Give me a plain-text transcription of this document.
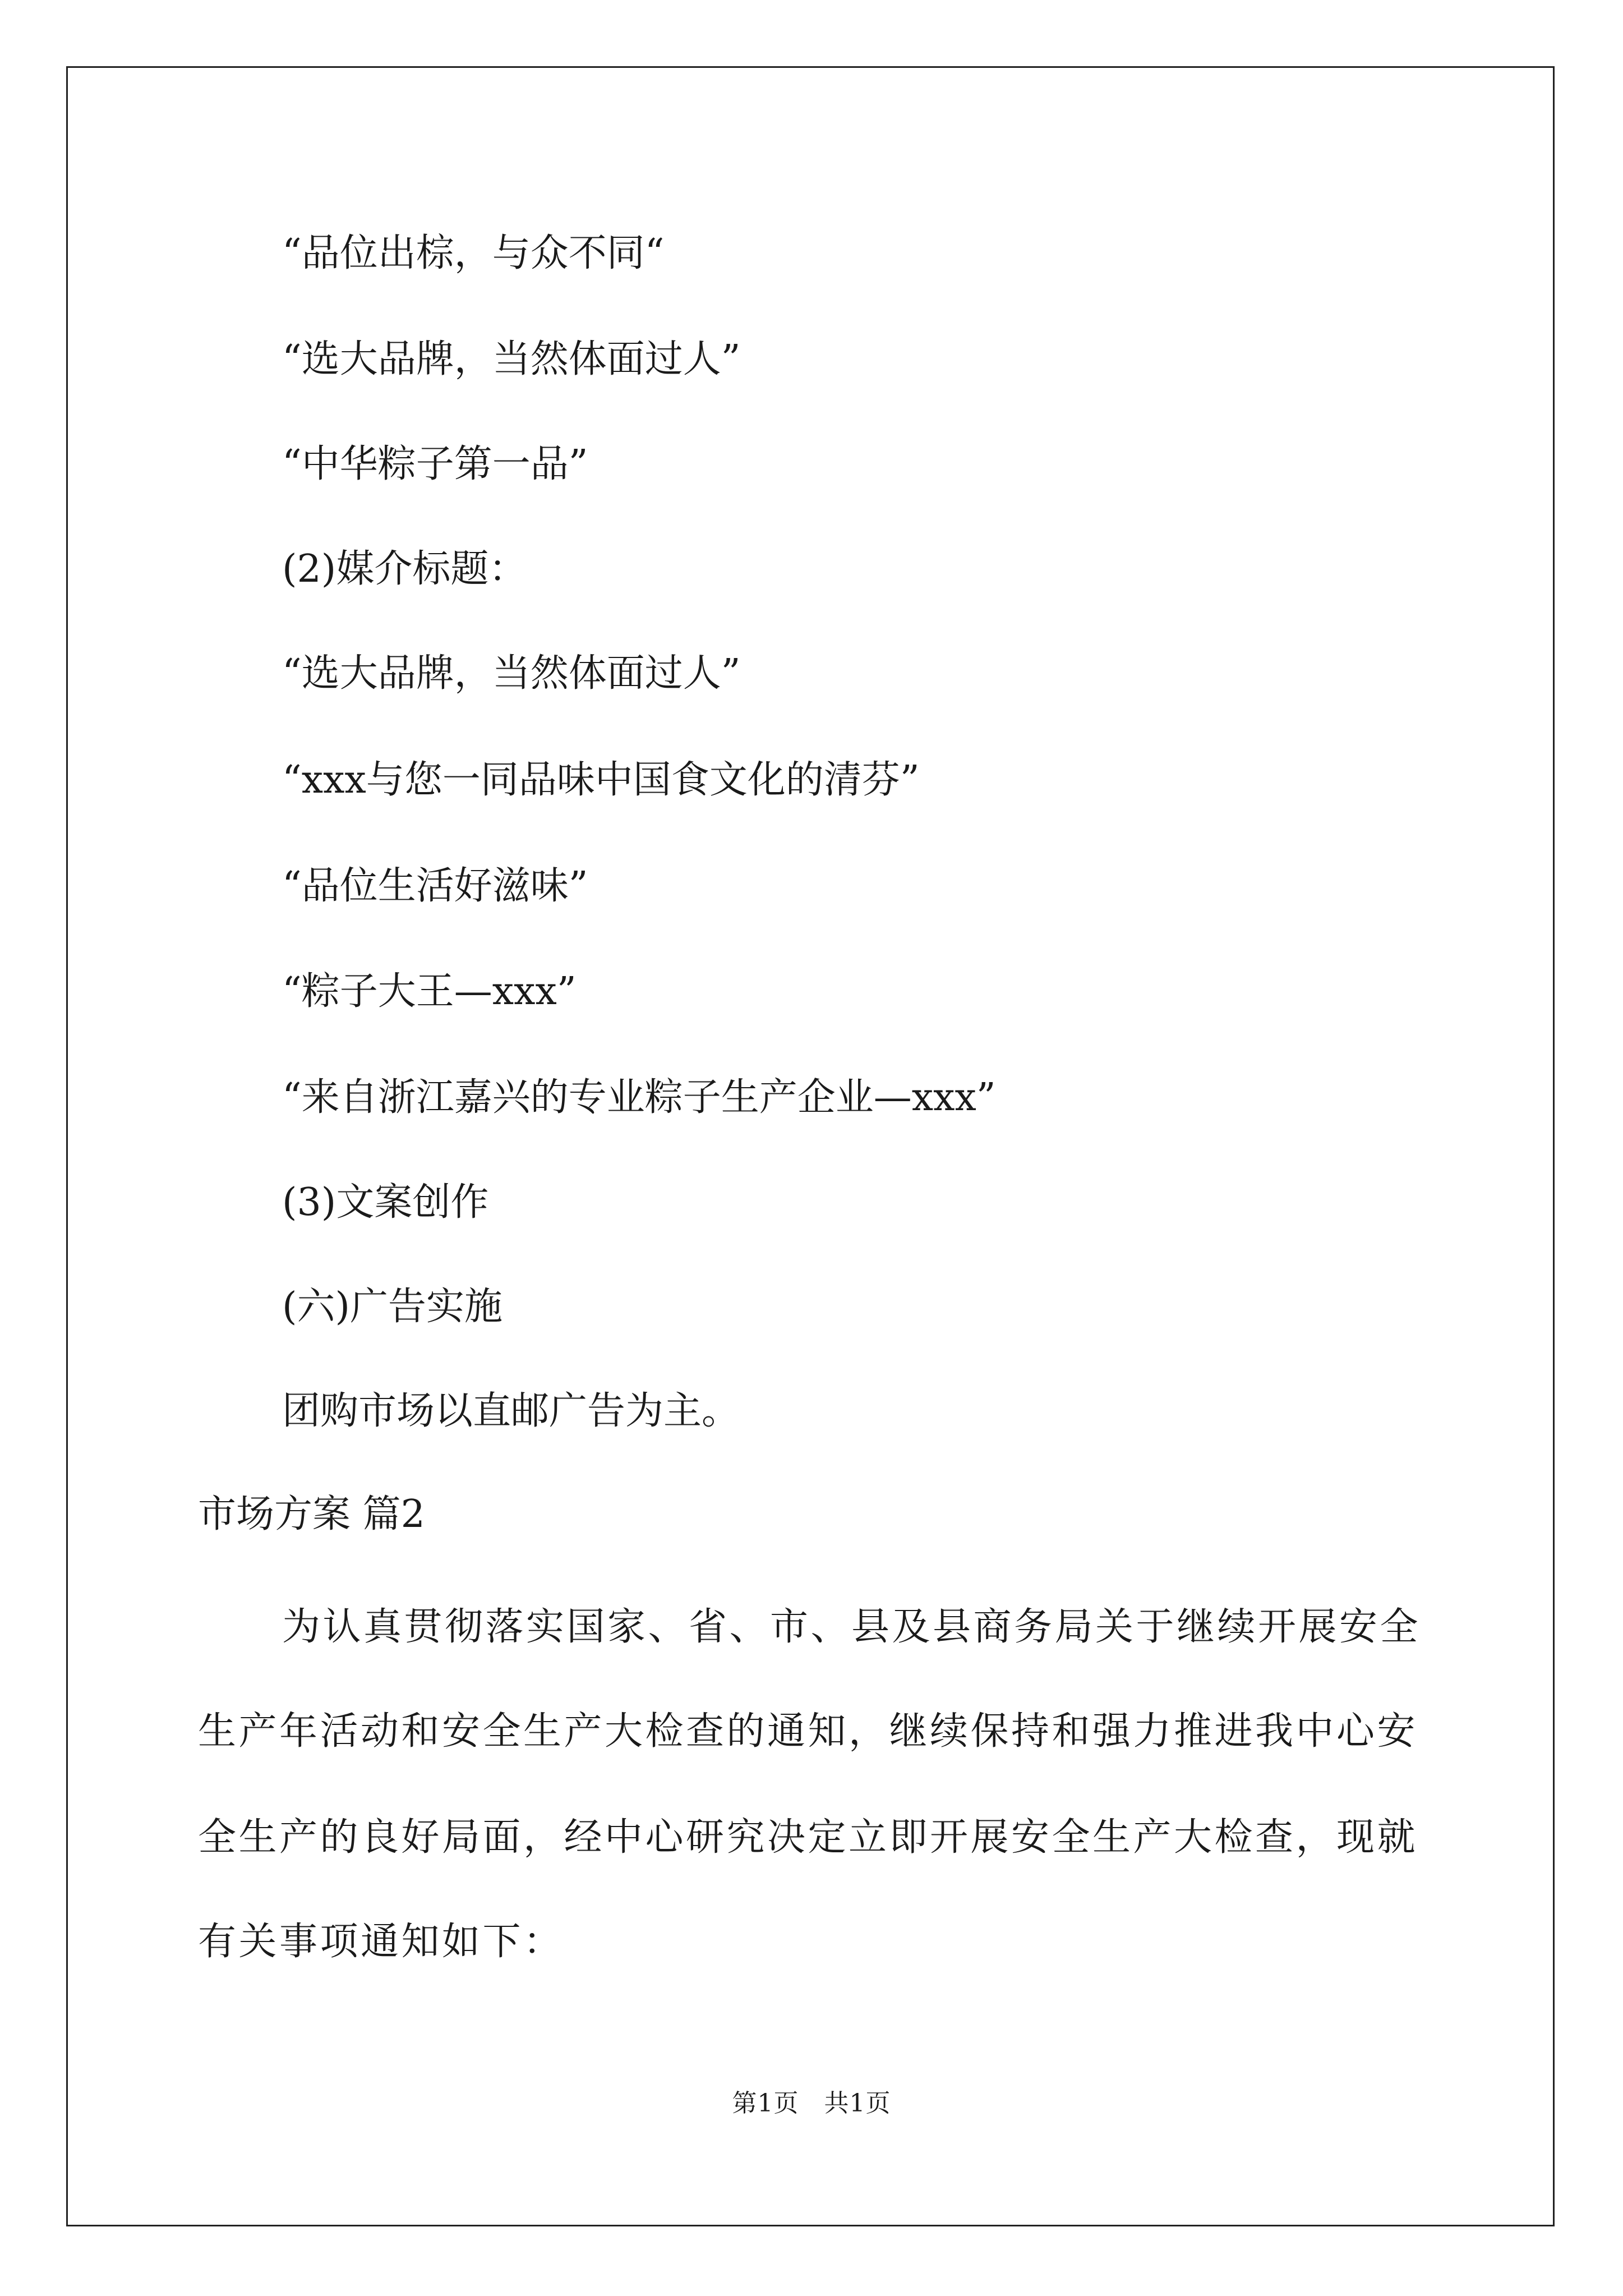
“品位出棕，与众不同“
“选大品牌，当然体面过人”
“中华粽子第一品”
(2)媒介标题：
“选大品牌，当然体面过人”
“xxx与您一同品味中国食文化的清芬”
“品位生活好滋味”
“粽子大王—xxx”
“来自浙江嘉兴的专业粽子生产企业—xxx”
(3)文案创作
(六)广告实施
团购市场以直邮广告为主。
市场方案 篇2
为认真贯彻落实国家、省、市、县及县商务局关于继续开展安全
生产年活动和安全生产大检查的通知，继续保持和强力推进我中心安
全生产的良好局面，经中心研究决定立即开展安全生产大检查，现就
有关事项通知如下：
第1页　共1页
